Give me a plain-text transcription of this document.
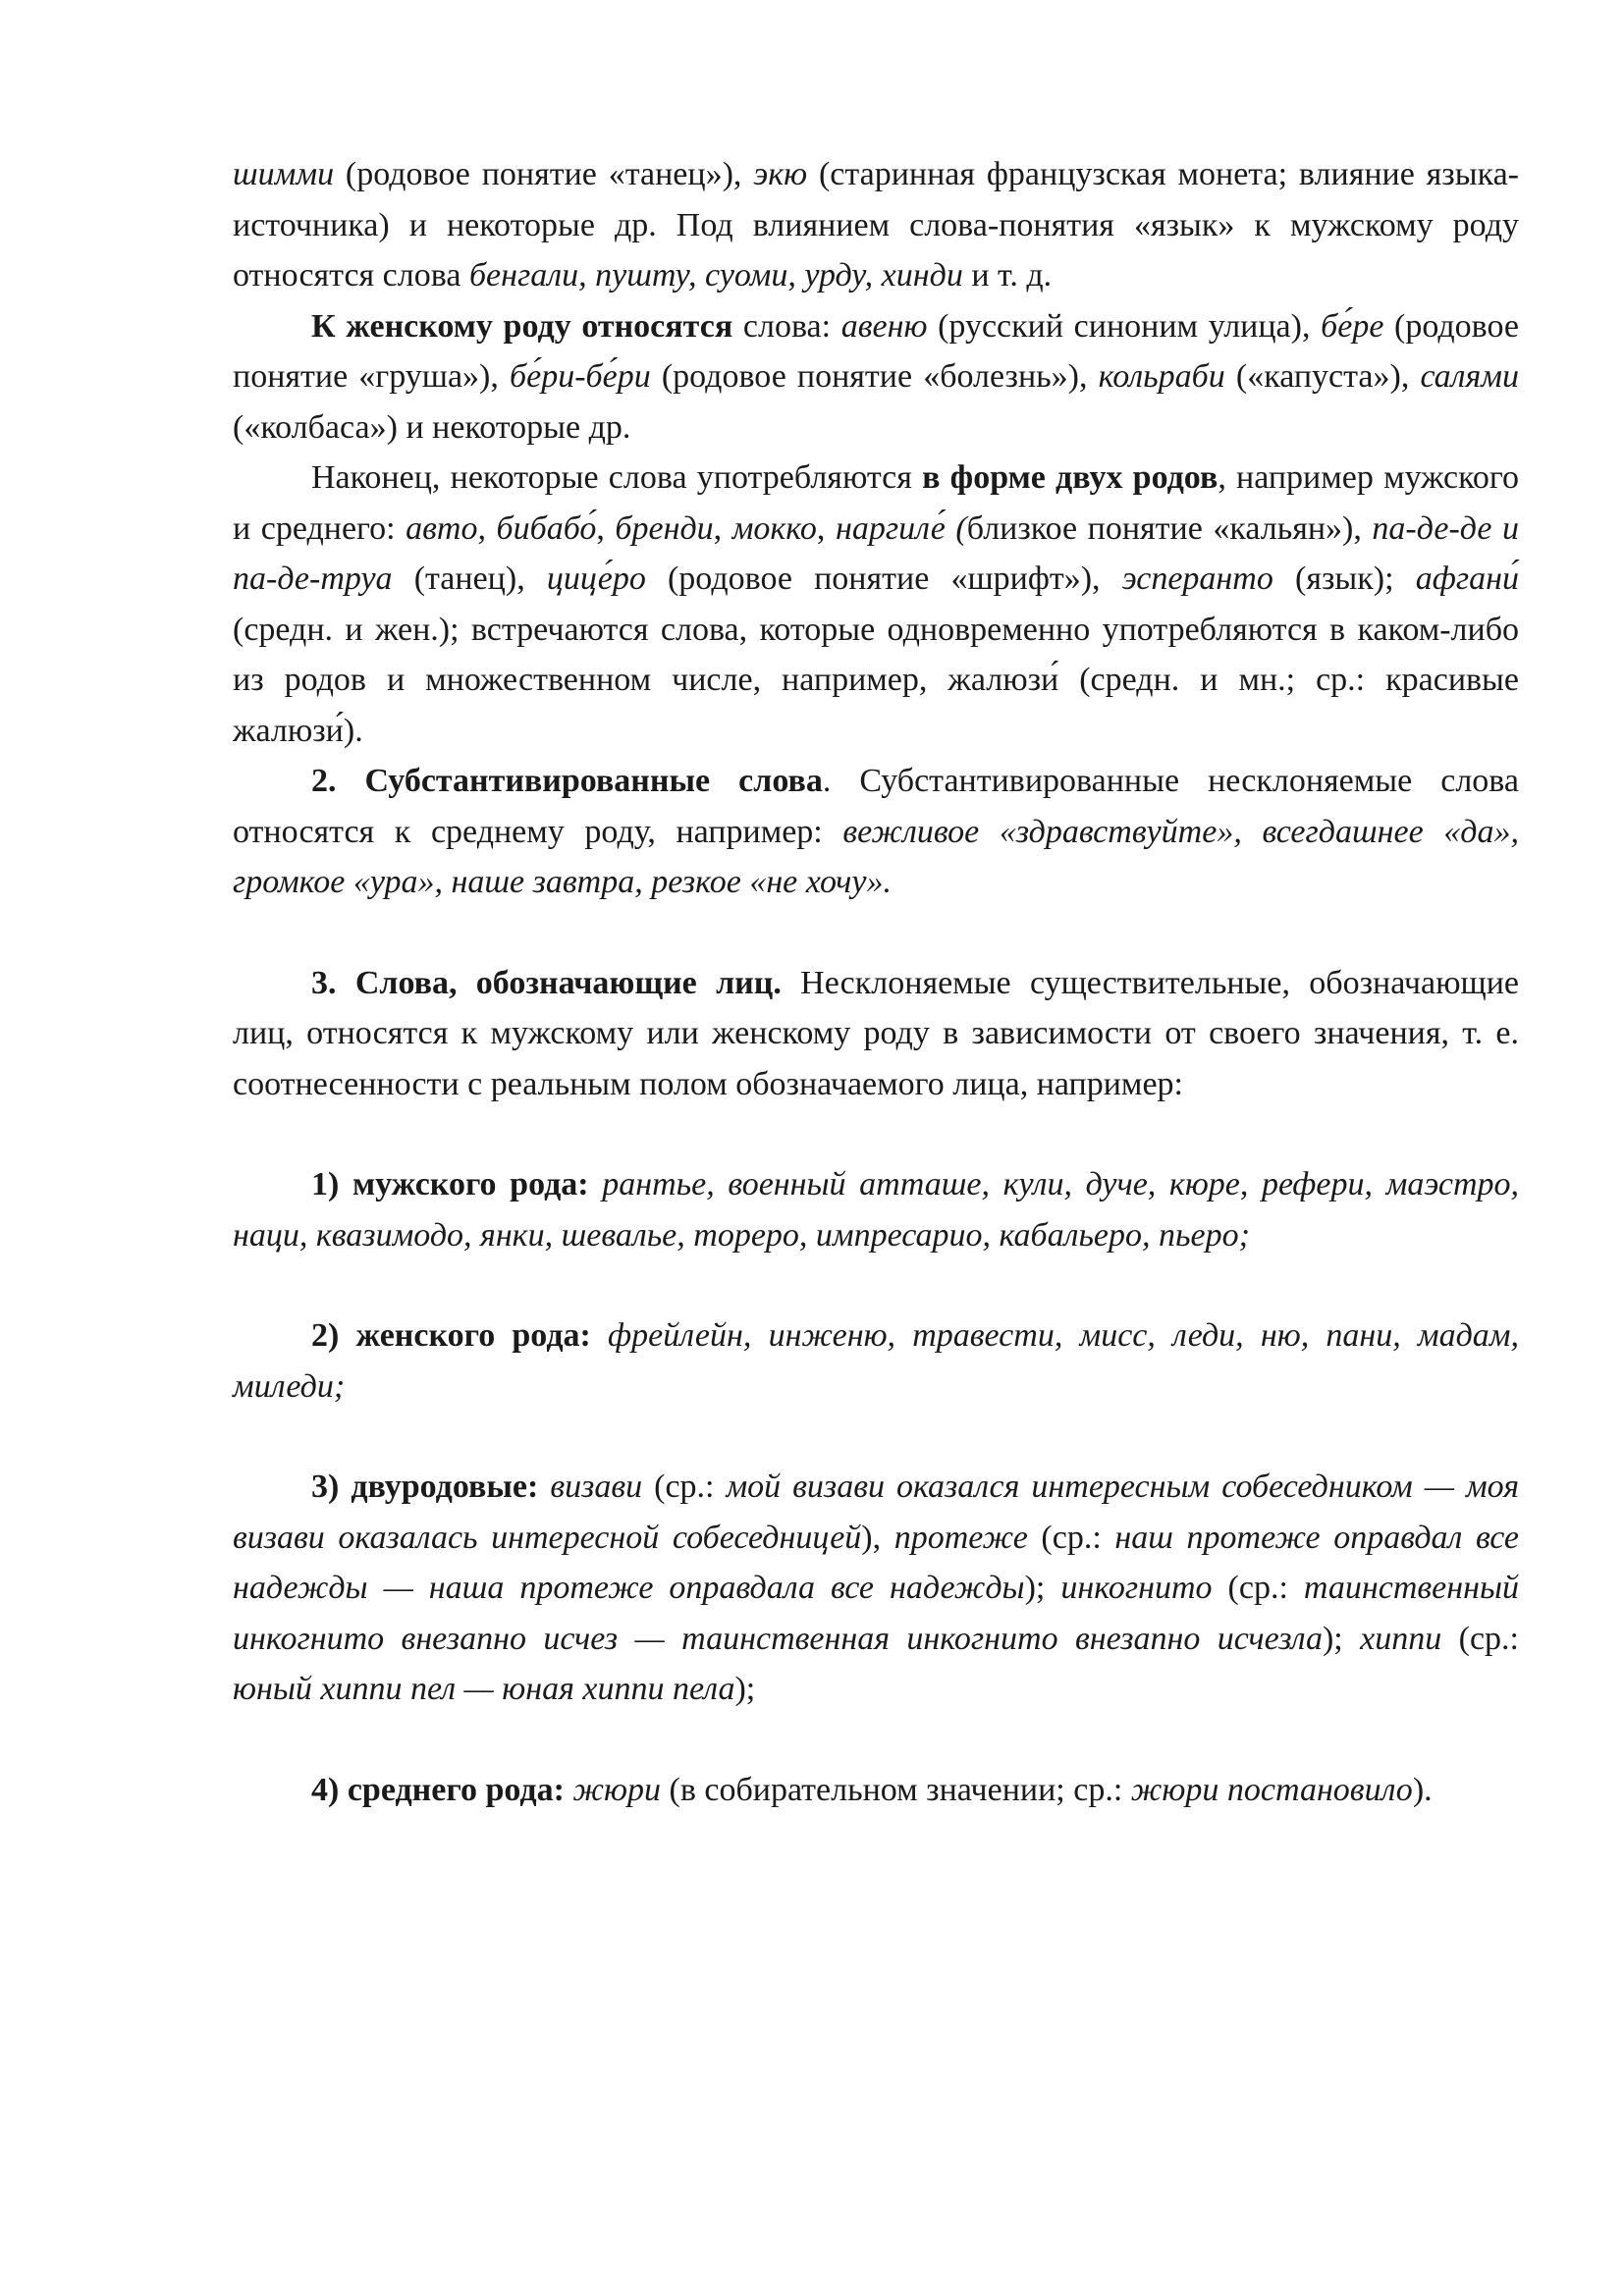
шимми (родовое понятие «танец»), экю (старинная французская монета; влияние языка-источника) и некоторые др. Под влиянием слова-понятия «язык» к мужскому роду относятся слова бенгали, пушту, суоми, урду, хинди и т. д.

К женскому роду относятся слова: авеню (русский синоним улица), бе́ре (родовое понятие «груша»), бе́ри-бе́ри (родовое понятие «болезнь»), кольраби («капуста»), салями («колбаса») и некоторые др.

Наконец, некоторые слова употребляются в форме двух родов, например мужского и среднего: авто, бибабо́, бренди, мокко, наргиле́ (близкое понятие «кальян»), па-де-де и па-де-труа (танец), цице́ро (родовое понятие «шрифт»), эсперанто (язык); афгани́ (средн. и жен.); встречаются слова, которые одновременно употребляются в каком-либо из родов и множественном числе, например, жалюзи́ (средн. и мн.; ср.: красивые жалюзи́).

2. Субстантивированные слова. Субстантивированные несклоняемые слова относятся к среднему роду, например: вежливое «здравствуйте», всегдашнее «да», громкое «ура», наше завтра, резкое «не хочу».

3. Слова, обозначающие лиц. Несклоняемые существительные, обозначающие лиц, относятся к мужскому или женскому роду в зависимости от своего значения, т. е. соотнесенности с реальным полом обозначаемого лица, например:

1) мужского рода: рантье, военный атташе, кули, дуче, кюре, рефери, маэстро, наци, квазимодо, янки, шевалье, тореро, импресарио, кабальеро, пьеро;

2) женского рода: фрейлейн, инженю, травести, мисс, леди, ню, пани, мадам, миледи;

3) двуродовые: визави (ср.: мой визави оказался интересным собеседником — моя визави оказалась интересной собеседницей), протеже (ср.: наш протеже оправдал все надежды — наша протеже оправдала все надежды); инкогнито (ср.: таинственный инкогнито внезапно исчез — таинственная инкогнито внезапно исчезла); хиппи (ср.: юный хиппи пел — юная хиппи пела);

4) среднего рода: жюри (в собирательном значении; ср.: жюри постановило).
